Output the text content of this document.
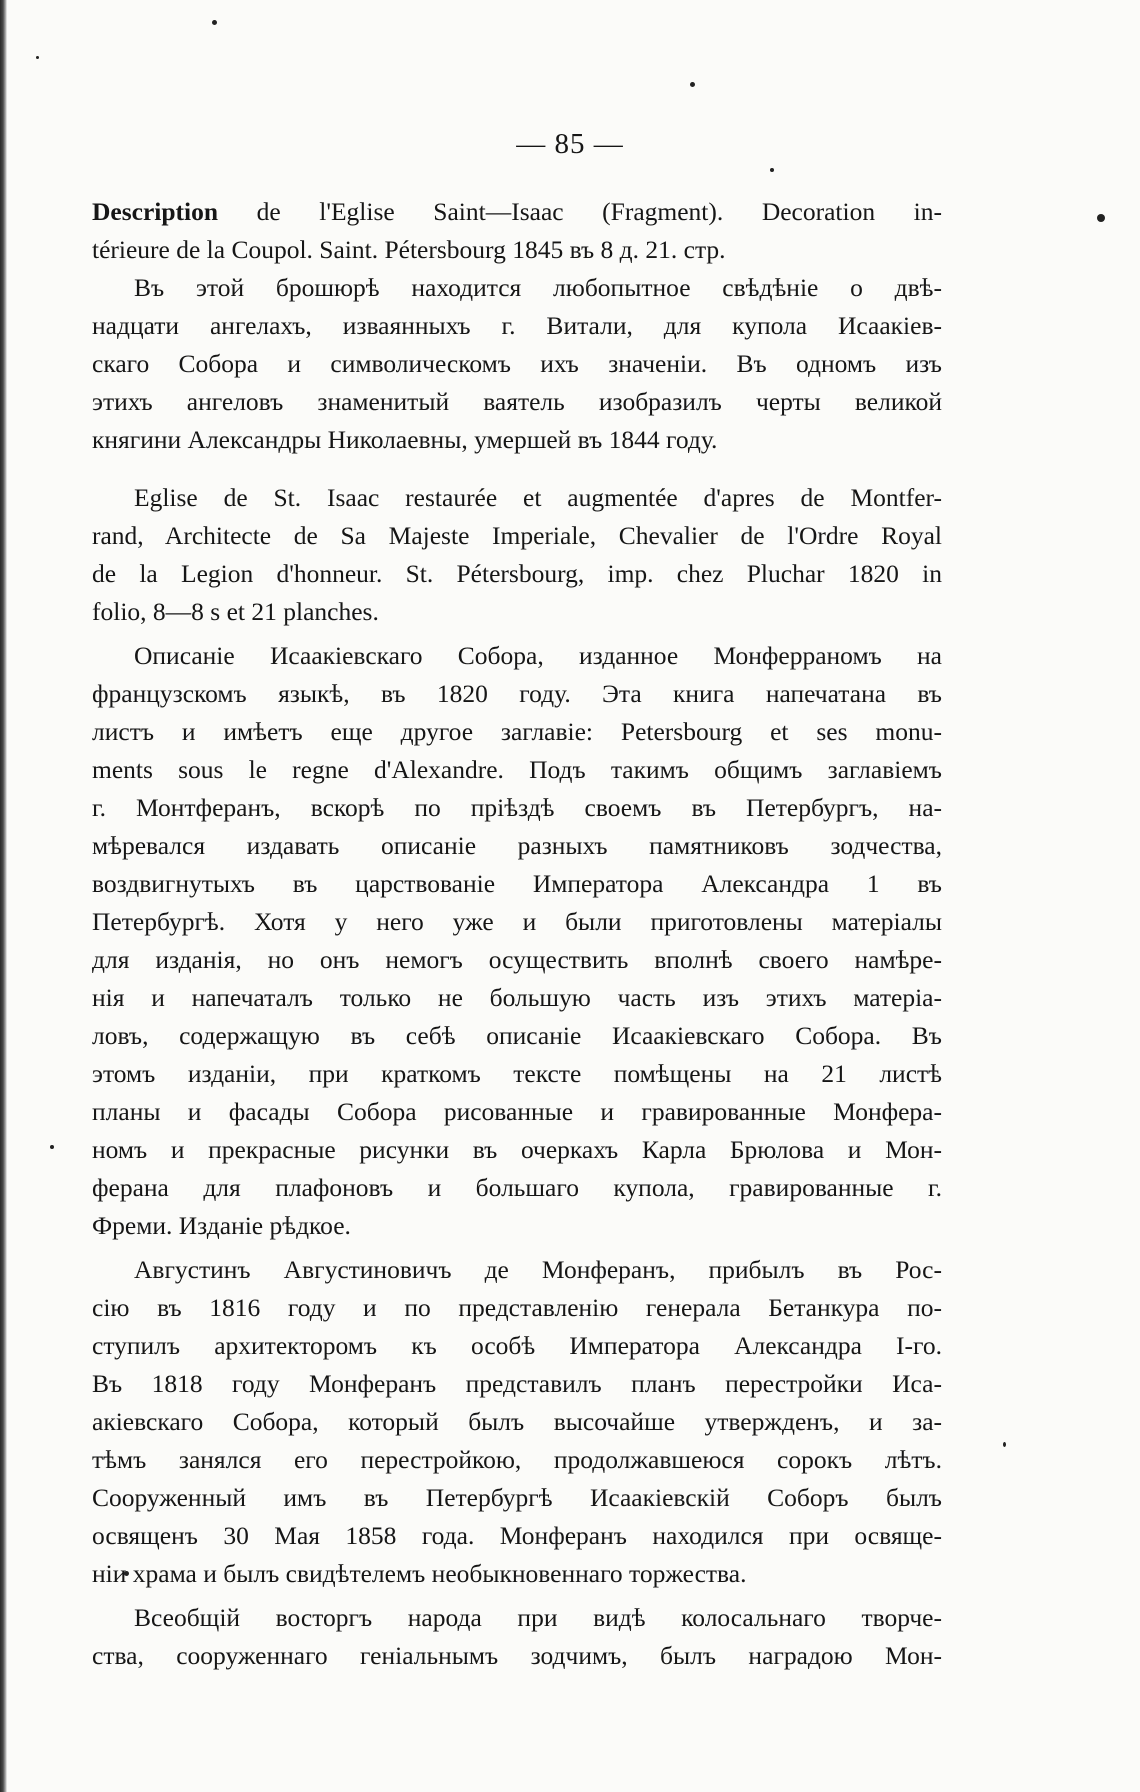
— 85 —
Description de l'Eglise Saint—Isaac (Fragment). Decoration in-
térieure de la Coupol. Saint. Pétersbourg 1845 въ 8 д. 21. стр.
Въ этой брошюрѣ находится любопытное свѣдѣніе о двѣ-
надцати ангелахъ, изваянныхъ г. Витали, для купола Исаакіев-
скаго Собора и символическомъ ихъ значеніи. Въ одномъ изъ
этихъ ангеловъ знаменитый ваятель изобразилъ черты великой
княгини Александры Николаевны, умершей въ 1844 году.
Eglise de St. Isaac restaurée et augmentée d'apres de Montfer-
rand, Architecte de Sa Majeste Imperiale, Chevalier de l'Ordre Royal
de la Legion d'honneur. St. Pétersbourg, imp. chez Pluchar 1820 in
folio, 8—8 s et 21 planches.
Описаніе Исаакіевскаго Собора, изданное Монферраномъ на
французскомъ языкѣ, въ 1820 году. Эта книга напечатана въ
листъ и имѣетъ еще другое заглавіе: Petersbourg et ses monu-
ments sous le regne d'Alexandre. Подъ такимъ общимъ заглавіемъ
г. Монтферанъ, вскорѣ по пріѣздѣ своемъ въ Петербургъ, на-
мѣревался издавать описаніе разныхъ памятниковъ зодчества,
воздвигнутыхъ въ царствованіе Императора Александра 1 въ
Петербургѣ. Хотя у него уже и были приготовлены матеріалы
для изданія, но онъ немогъ осуществить вполнѣ своего намѣре-
нія и напечаталъ только не большую часть изъ этихъ матеріа-
ловъ, содержащую въ себѣ описаніе Исаакіевскаго Собора. Въ
этомъ изданіи, при краткомъ тексте помѣщены на 21 листѣ
планы и фасады Собора рисованные и гравированные Монфера-
номъ и прекрасные рисунки въ очеркахъ Карла Брюлова и Мон-
ферана для плафоновъ и большаго купола, гравированные г.
Фреми. Изданіе рѣдкое.
Августинъ Августиновичъ де Монферанъ, прибылъ въ Рос-
сію въ 1816 году и по представленію генерала Бетанкура по-
ступилъ архитекторомъ къ особѣ Императора Александра I-го.
Въ 1818 году Монферанъ представилъ планъ перестройки Иса-
акіевскаго Собора, который былъ высочайше утвержденъ, и за-
тѣмъ занялся его перестройкою, продолжавшеюся сорокъ лѣтъ.
Сооруженный имъ въ Петербургѣ Исаакіевскій Соборъ былъ
освященъ 30 Мая 1858 года. Монферанъ находился при освяще-
ніи храма и былъ свидѣтелемъ необыкновеннаго торжества.
Всеобщій восторгъ народа при видѣ колосальнаго творче-
ства, сооруженнаго геніальнымъ зодчимъ, былъ наградою Мон-
